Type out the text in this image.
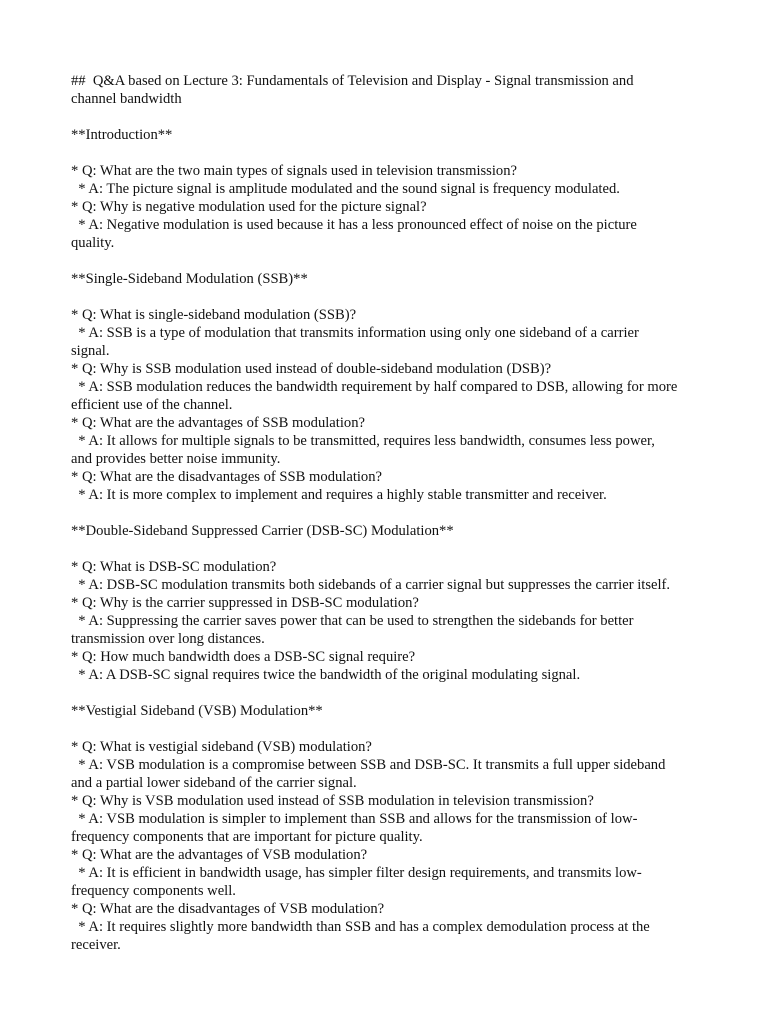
##  Q&A based on Lecture 3: Fundamentals of Television and Display - Signal transmission and

channel bandwidth

**Introduction**

* Q: What are the two main types of signals used in television transmission?

* A: The picture signal is amplitude modulated and the sound signal is frequency modulated.

* Q: Why is negative modulation used for the picture signal?

* A: Negative modulation is used because it has a less pronounced effect of noise on the picture

quality.

**Single-Sideband Modulation (SSB)**

* Q: What is single-sideband modulation (SSB)?

* A: SSB is a type of modulation that transmits information using only one sideband of a carrier

signal.

* Q: Why is SSB modulation used instead of double-sideband modulation (DSB)?

* A: SSB modulation reduces the bandwidth requirement by half compared to DSB, allowing for more

efficient use of the channel.

* Q: What are the advantages of SSB modulation?

* A: It allows for multiple signals to be transmitted, requires less bandwidth, consumes less power,

and provides better noise immunity.

* Q: What are the disadvantages of SSB modulation?

* A: It is more complex to implement and requires a highly stable transmitter and receiver.

**Double-Sideband Suppressed Carrier (DSB-SC) Modulation**

* Q: What is DSB-SC modulation?

* A: DSB-SC modulation transmits both sidebands of a carrier signal but suppresses the carrier itself.

* Q: Why is the carrier suppressed in DSB-SC modulation?

* A: Suppressing the carrier saves power that can be used to strengthen the sidebands for better

transmission over long distances.

* Q: How much bandwidth does a DSB-SC signal require?

* A: A DSB-SC signal requires twice the bandwidth of the original modulating signal.

**Vestigial Sideband (VSB) Modulation**

* Q: What is vestigial sideband (VSB) modulation?

* A: VSB modulation is a compromise between SSB and DSB-SC. It transmits a full upper sideband

and a partial lower sideband of the carrier signal.

* Q: Why is VSB modulation used instead of SSB modulation in television transmission?

* A: VSB modulation is simpler to implement than SSB and allows for the transmission of low-

frequency components that are important for picture quality.

* Q: What are the advantages of VSB modulation?

* A: It is efficient in bandwidth usage, has simpler filter design requirements, and transmits low-

frequency components well.

* Q: What are the disadvantages of VSB modulation?

* A: It requires slightly more bandwidth than SSB and has a complex demodulation process at the

receiver.
